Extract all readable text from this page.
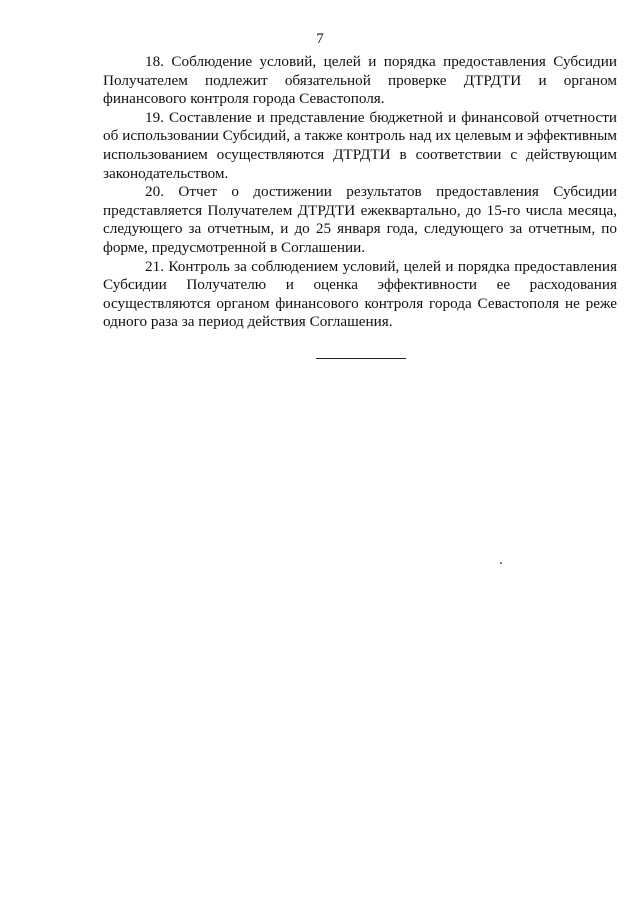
7

18. Соблюдение условий, целей и порядка предоставления Субсидии Получателем подлежит обязательной проверке ДТРДТИ и органом финансового контроля города Севастополя.

19. Составление и представление бюджетной и финансовой отчетности об использовании Субсидий, а также контроль над их целевым и эффективным использованием осуществляются ДТРДТИ в соответствии с действующим законодательством.

20. Отчет о достижении результатов предоставления Субсидии представляется Получателем ДТРДТИ ежеквартально, до 15-го числа месяца, следующего за отчетным, и до 25 января года, следующего за отчетным, по форме, предусмотренной в Соглашении.

21. Контроль за соблюдением условий, целей и порядка предоставления Субсидии Получателю и оценка эффективности ее расходования осуществляются органом финансового контроля города Севастополя не реже одного раза за период действия Соглашения.
